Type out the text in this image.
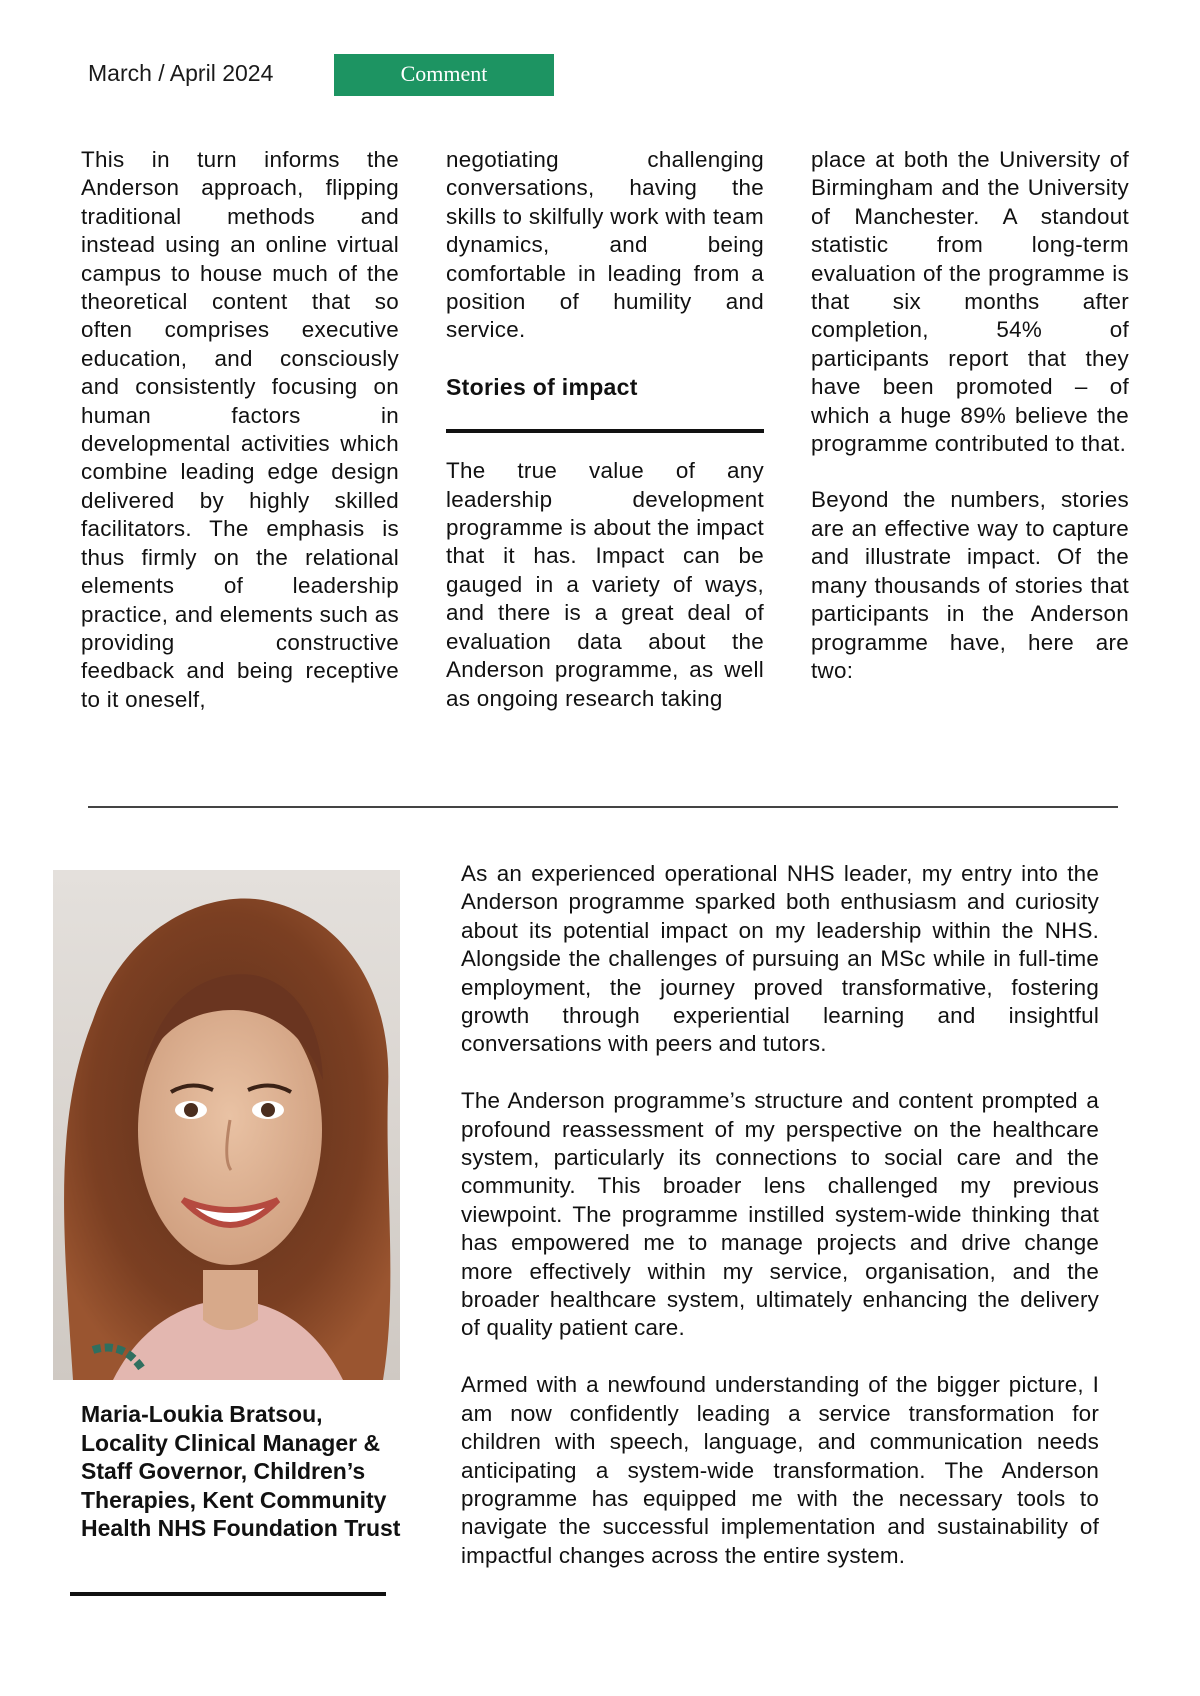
March / April 2024	Comment

This in turn informs the Anderson approach, flipping traditional methods and instead using an online virtual campus to house much of the theoretical content that so often comprises executive education, and consciously and consistently focusing on human factors in developmental activities which combine leading edge design delivered by highly skilled facilitators. The emphasis is thus firmly on the relational elements of leadership practice, and elements such as providing constructive feedback and being receptive to it oneself,

negotiating challenging conversations, having the skills to skilfully work with team dynamics, and being comfortable in leading from a position of humility and service.

Stories of impact

The true value of any leadership development programme is about the impact that it has. Impact can be gauged in a variety of ways, and there is a great deal of evaluation data about the Anderson programme, as well as ongoing research taking

place at both the University of Birmingham and the University of Manchester. A standout statistic from long-term evaluation of the programme is that six months after completion, 54% of participants report that they have been promoted – of which a huge 89% believe the programme contributed to that.

Beyond the numbers, stories are an effective way to capture and illustrate impact. Of the many thousands of stories that participants in the Anderson programme have, here are two:

Maria-Loukia Bratsou, Locality Clinical Manager & Staff Governor, Children’s Therapies, Kent Community Health NHS Foundation Trust

As an experienced operational NHS leader, my entry into the Anderson programme sparked both enthusiasm and curiosity about its potential impact on my leadership within the NHS. Alongside the challenges of pursuing an MSc while in full-time employment, the journey proved transformative, fostering growth through experiential learning and insightful conversations with peers and tutors.

The Anderson programme’s structure and content prompted a profound reassessment of my perspective on the healthcare system, particularly its connections to social care and the community. This broader lens challenged my previous viewpoint. The programme instilled system-wide thinking that has empowered me to manage projects and drive change more effectively within my service, organisation, and the broader healthcare system, ultimately enhancing the delivery of quality patient care.

Armed with a newfound understanding of the bigger picture, I am now confidently leading a service transformation for children with speech, language, and communication needs anticipating a system-wide transformation. The Anderson programme has equipped me with the necessary tools to navigate the successful implementation and sustainability of impactful changes across the entire system.
